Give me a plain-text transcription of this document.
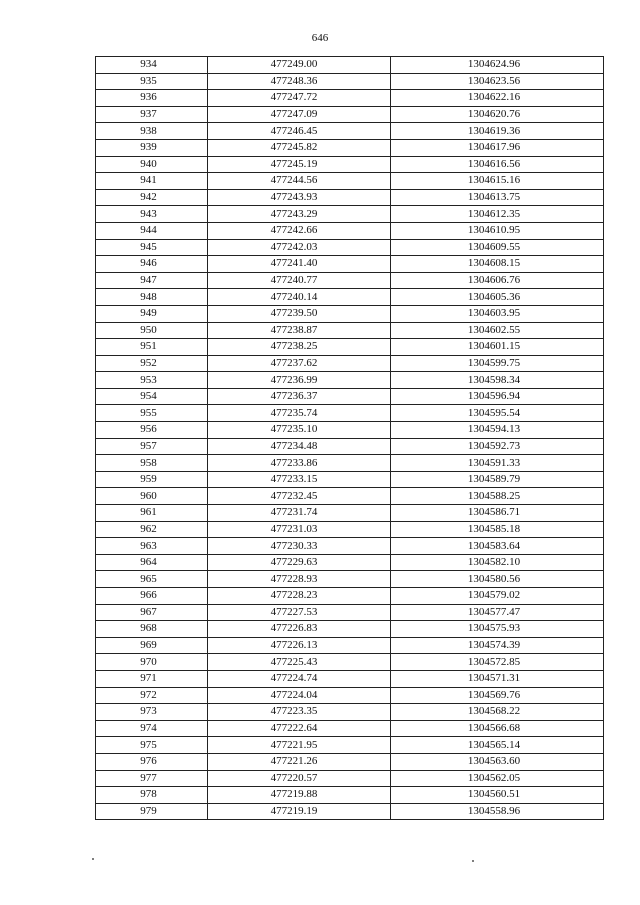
646
934	477249.00	1304624.96
935	477248.36	1304623.56
936	477247.72	1304622.16
937	477247.09	1304620.76
938	477246.45	1304619.36
939	477245.82	1304617.96
940	477245.19	1304616.56
941	477244.56	1304615.16
942	477243.93	1304613.75
943	477243.29	1304612.35
944	477242.66	1304610.95
945	477242.03	1304609.55
946	477241.40	1304608.15
947	477240.77	1304606.76
948	477240.14	1304605.36
949	477239.50	1304603.95
950	477238.87	1304602.55
951	477238.25	1304601.15
952	477237.62	1304599.75
953	477236.99	1304598.34
954	477236.37	1304596.94
955	477235.74	1304595.54
956	477235.10	1304594.13
957	477234.48	1304592.73
958	477233.86	1304591.33
959	477233.15	1304589.79
960	477232.45	1304588.25
961	477231.74	1304586.71
962	477231.03	1304585.18
963	477230.33	1304583.64
964	477229.63	1304582.10
965	477228.93	1304580.56
966	477228.23	1304579.02
967	477227.53	1304577.47
968	477226.83	1304575.93
969	477226.13	1304574.39
970	477225.43	1304572.85
971	477224.74	1304571.31
972	477224.04	1304569.76
973	477223.35	1304568.22
974	477222.64	1304566.68
975	477221.95	1304565.14
976	477221.26	1304563.60
977	477220.57	1304562.05
978	477219.88	1304560.51
979	477219.19	1304558.96
